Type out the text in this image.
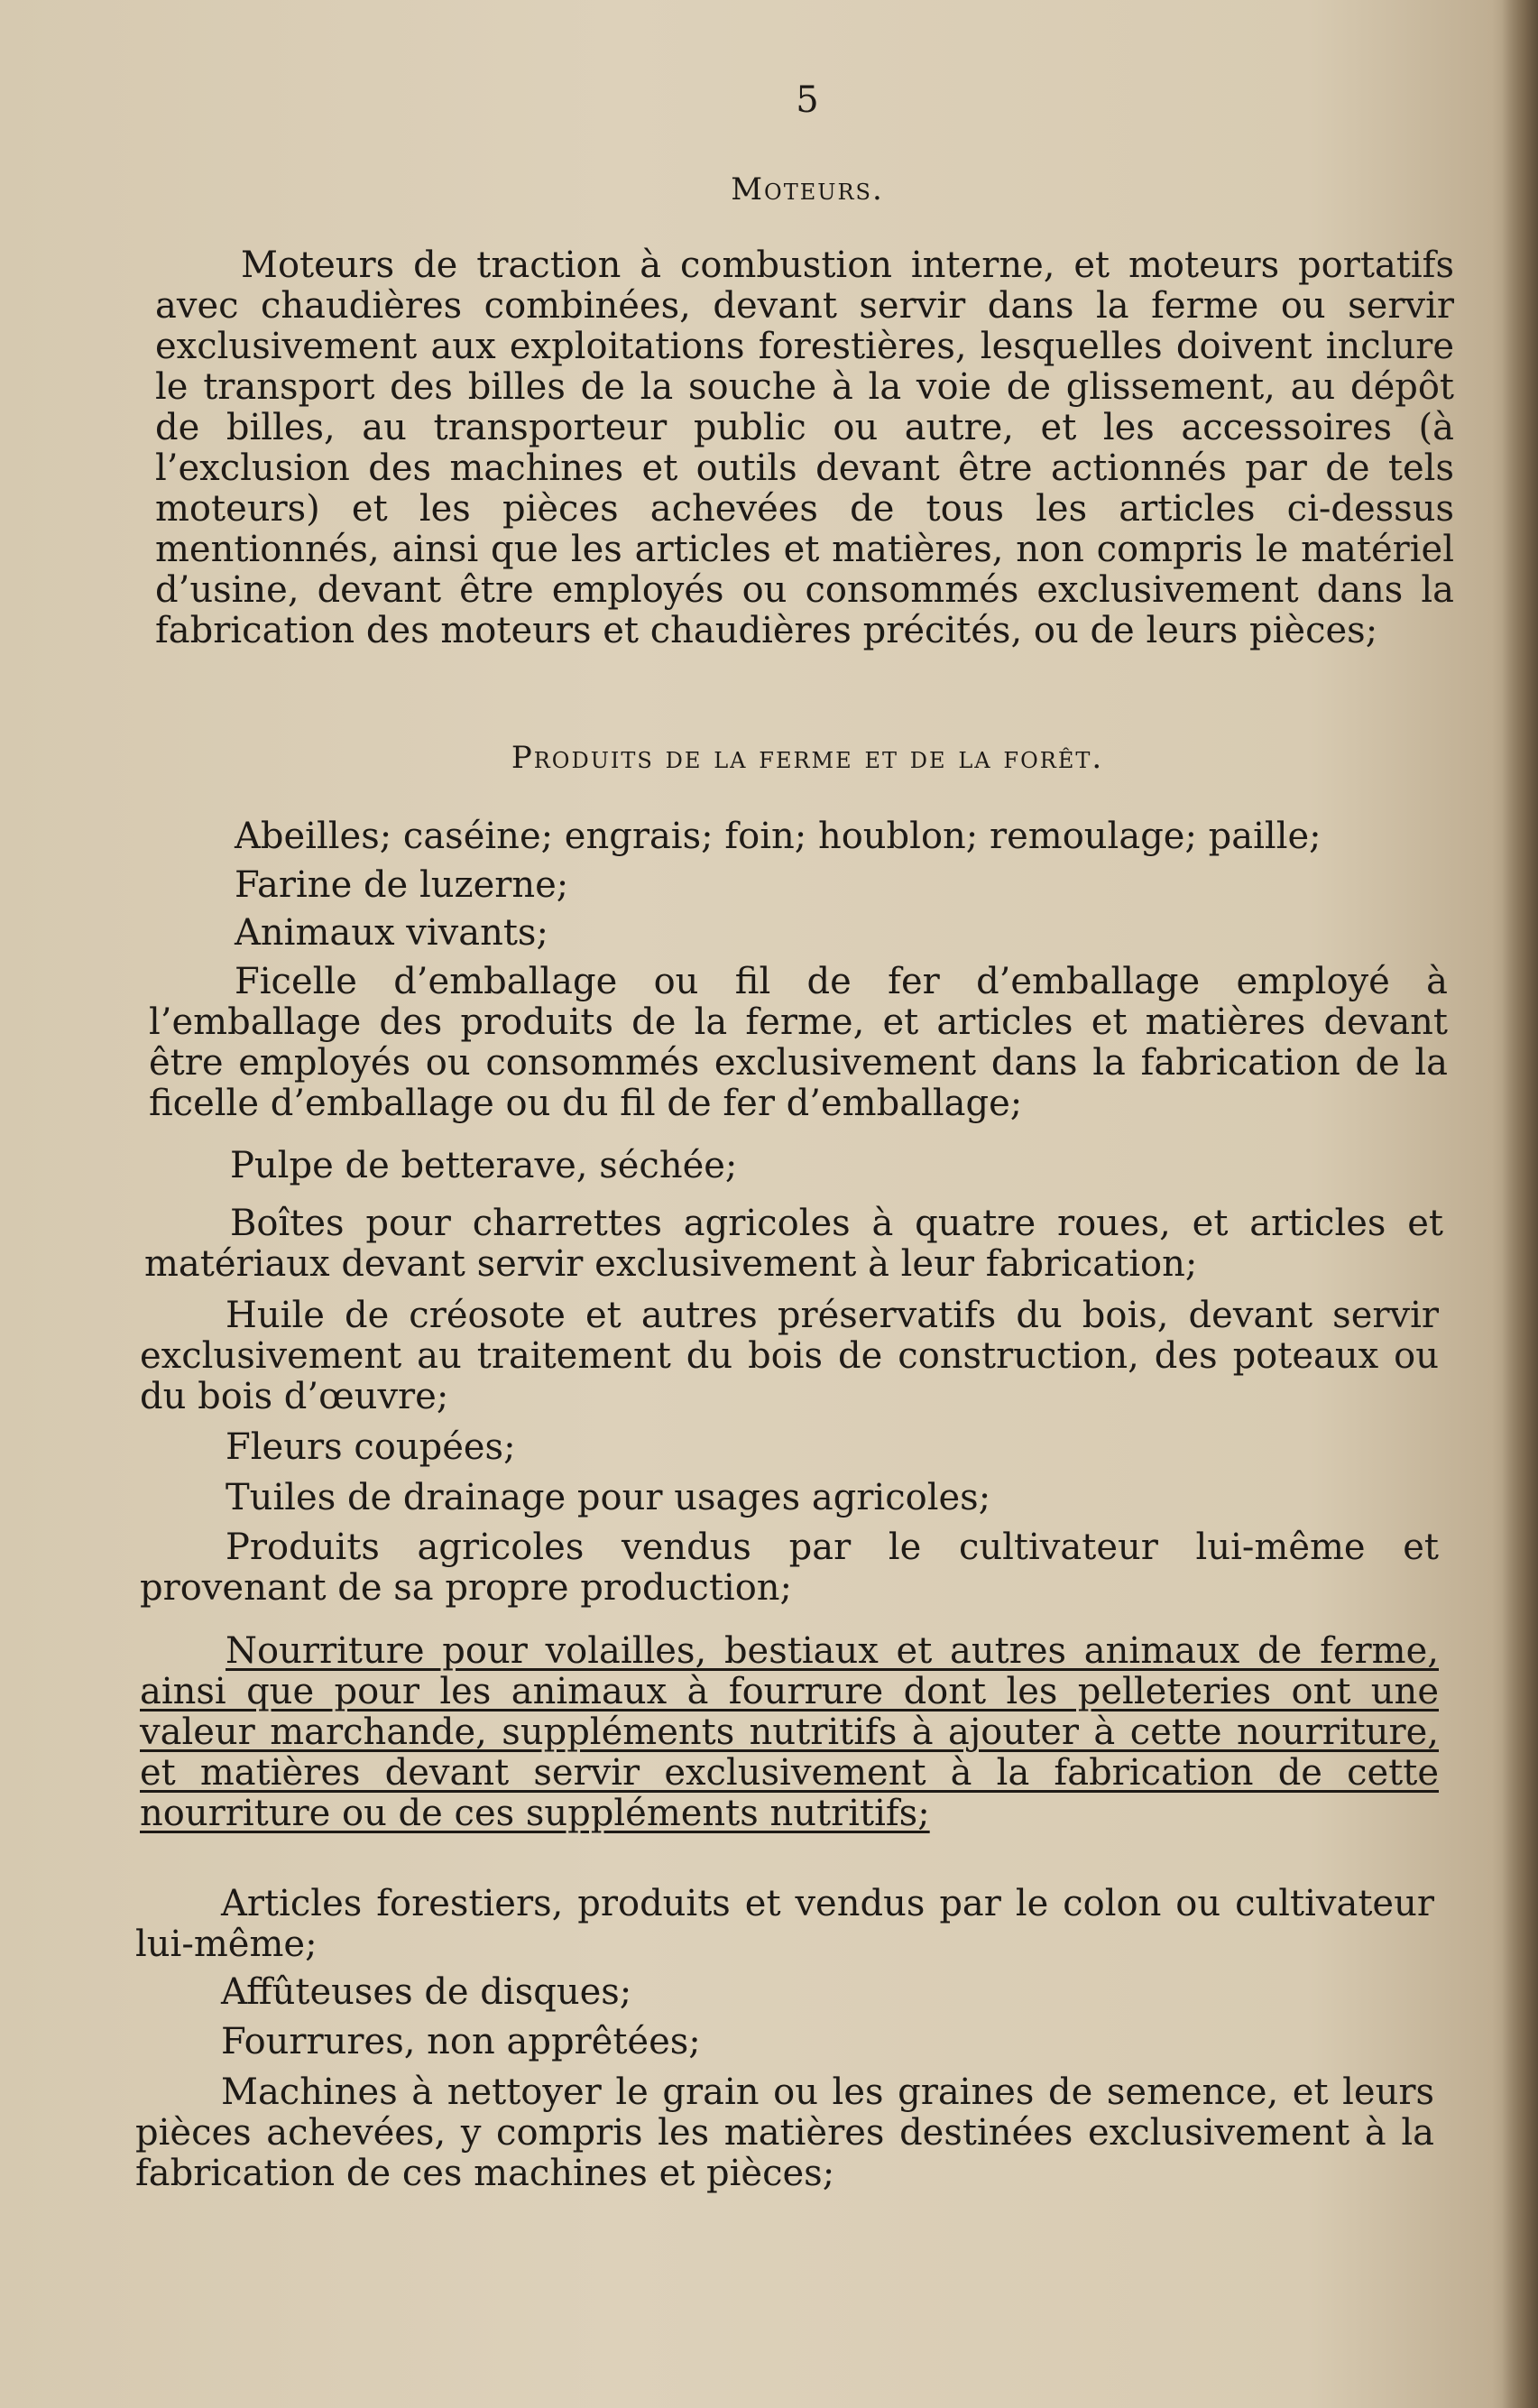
5
Moteurs.

Moteurs de traction à combustion interne, et moteurs portatifs avec chaudières combinées, devant servir dans la ferme ou servir exclusivement aux exploitations forestières, lesquelles doivent inclure le transport des billes de la souche à la voie de glissement, au dépôt de billes, au transporteur public ou autre, et les accessoires (à l’exclusion des machines et outils devant être actionnés par de tels moteurs) et les pièces achevées de tous les articles ci-dessus mentionnés, ainsi que les articles et matières, non compris le matériel d’usine, devant être employés ou consommés exclusivement dans la fabrication des moteurs et chaudières précités, ou de leurs pièces;

Produits de la ferme et de la forêt.

Abeilles; caséine; engrais; foin; houblon; remoulage; paille;

Farine de luzerne;

Animaux vivants;

Ficelle d’emballage ou fil de fer d’emballage employé à l’emballage des produits de la ferme, et articles et matières devant être employés ou consommés exclusivement dans la fabrication de la ficelle d’emballage ou du fil de fer d’emballage;

Pulpe de betterave, séchée;

Boîtes pour charrettes agricoles à quatre roues, et articles et matériaux devant servir exclusivement à leur fabrication;

Huile de créosote et autres préservatifs du bois, devant servir exclusivement au traitement du bois de construction, des poteaux ou du bois d’œuvre;

Fleurs coupées;

Tuiles de drainage pour usages agricoles;

Produits agricoles vendus par le cultivateur lui-même et provenant de sa propre production;

Nourriture pour volailles, bestiaux et autres animaux de ferme, ainsi que pour les animaux à fourrure dont les pelleteries ont une valeur marchande, suppléments nutritifs à ajouter à cette nourriture, et matières devant servir exclusivement à la fabrication de cette nourriture ou de ces suppléments nutritifs;

Articles forestiers, produits et vendus par le colon ou cultivateur lui-même;

Affûteuses de disques;

Fourrures, non apprêtées;

Machines à nettoyer le grain ou les graines de semence, et leurs pièces achevées, y compris les matières destinées exclusivement à la fabrication de ces machines et pièces;
